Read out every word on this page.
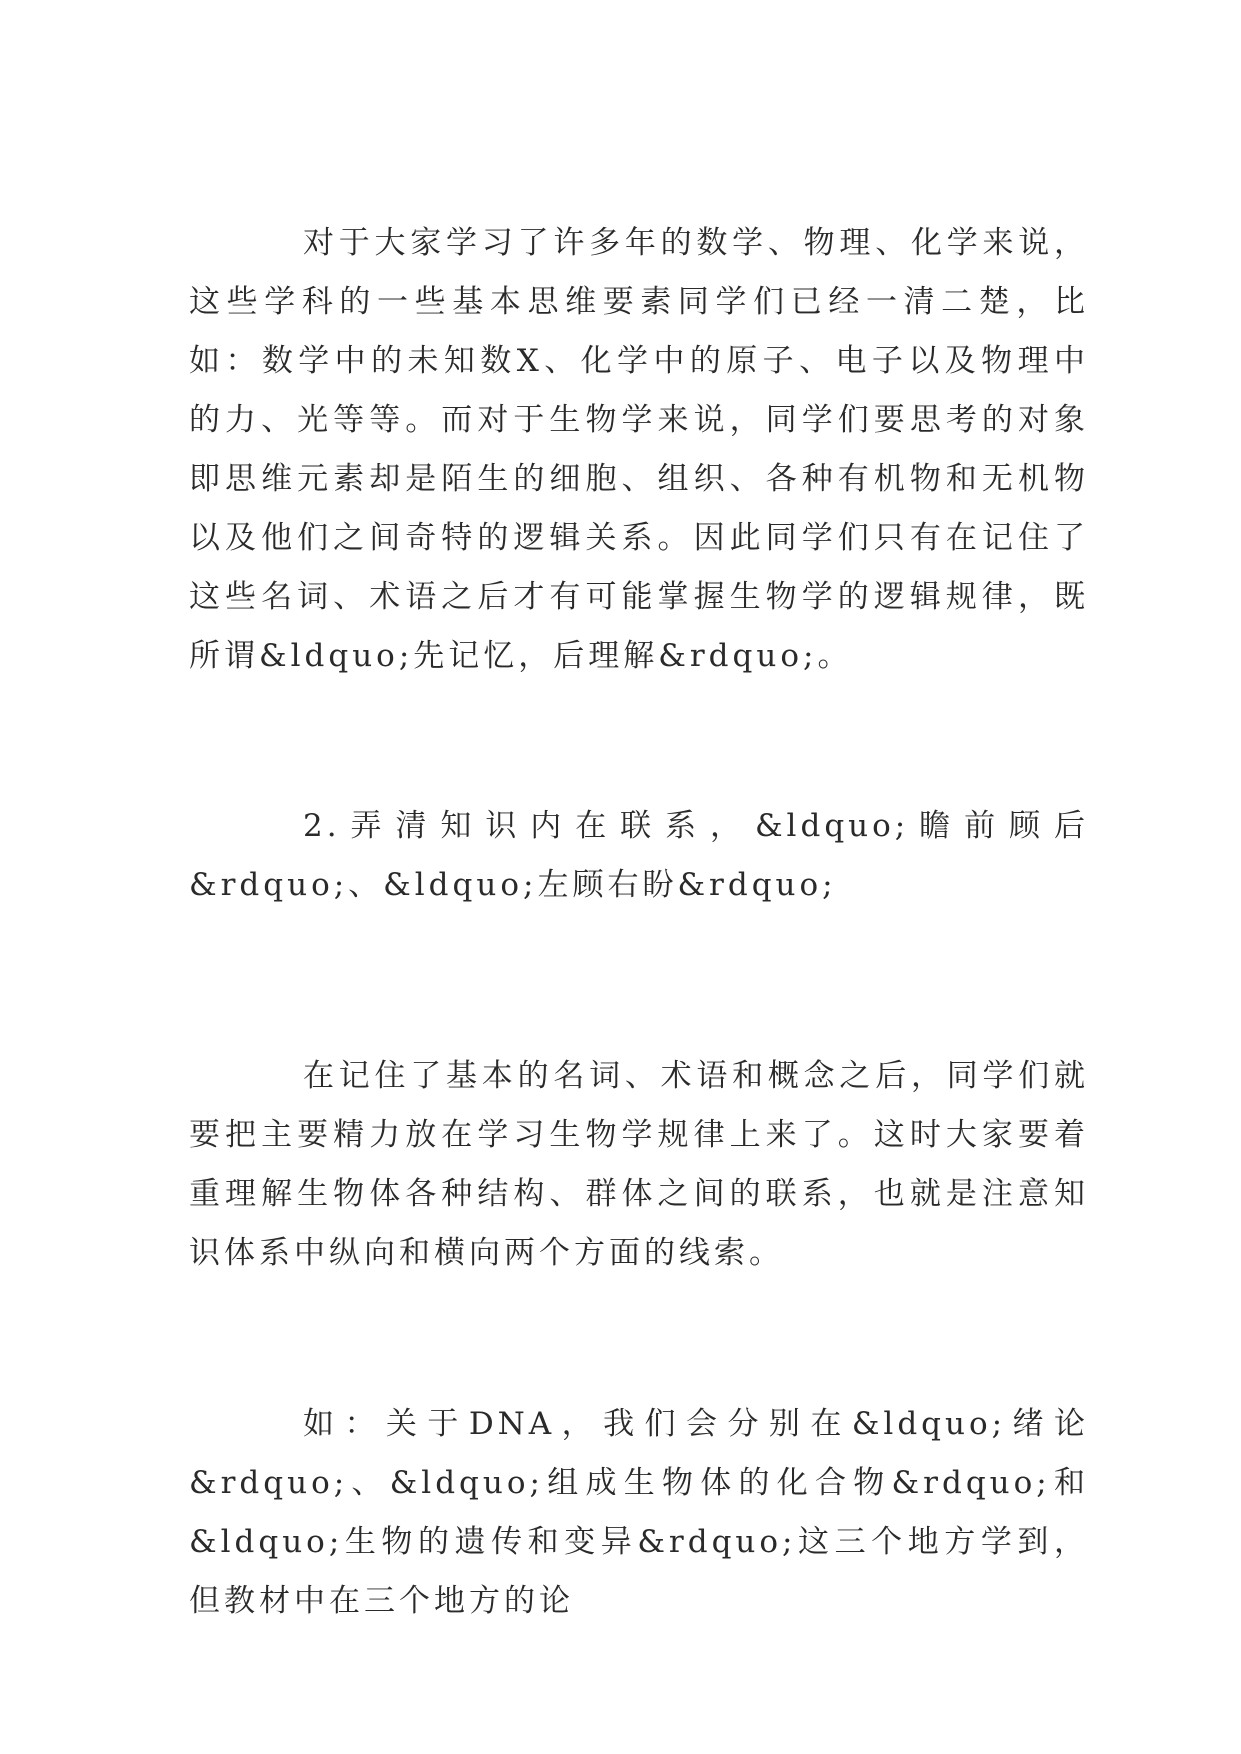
对于大家学习了许多年的数学、物理、化学来说，这些学科的一些基本思维要素同学们已经一清二楚，比如：数学中的未知数X、化学中的原子、电子以及物理中的力、光等等。而对于生物学来说，同学们要思考的对象即思维元素却是陌生的细胞、组织、各种有机物和无机物以及他们之间奇特的逻辑关系。因此同学们只有在记住了这些名词、术语之后才有可能掌握生物学的逻辑规律，既所谓&ldquo;先记忆，后理解&rdquo;。

2.弄清知识内在联系，&ldquo;瞻前顾后&rdquo;、&ldquo;左顾右盼&rdquo;

在记住了基本的名词、术语和概念之后，同学们就要把主要精力放在学习生物学规律上来了。这时大家要着重理解生物体各种结构、群体之间的联系，也就是注意知识体系中纵向和横向两个方面的线索。

如：关于DNA，我们会分别在&ldquo;绪论&rdquo;、&ldquo;组成生物体的化合物&rdquo;和&ldquo;生物的遗传和变异&rdquo;这三个地方学到，但教材中在三个地方的论
